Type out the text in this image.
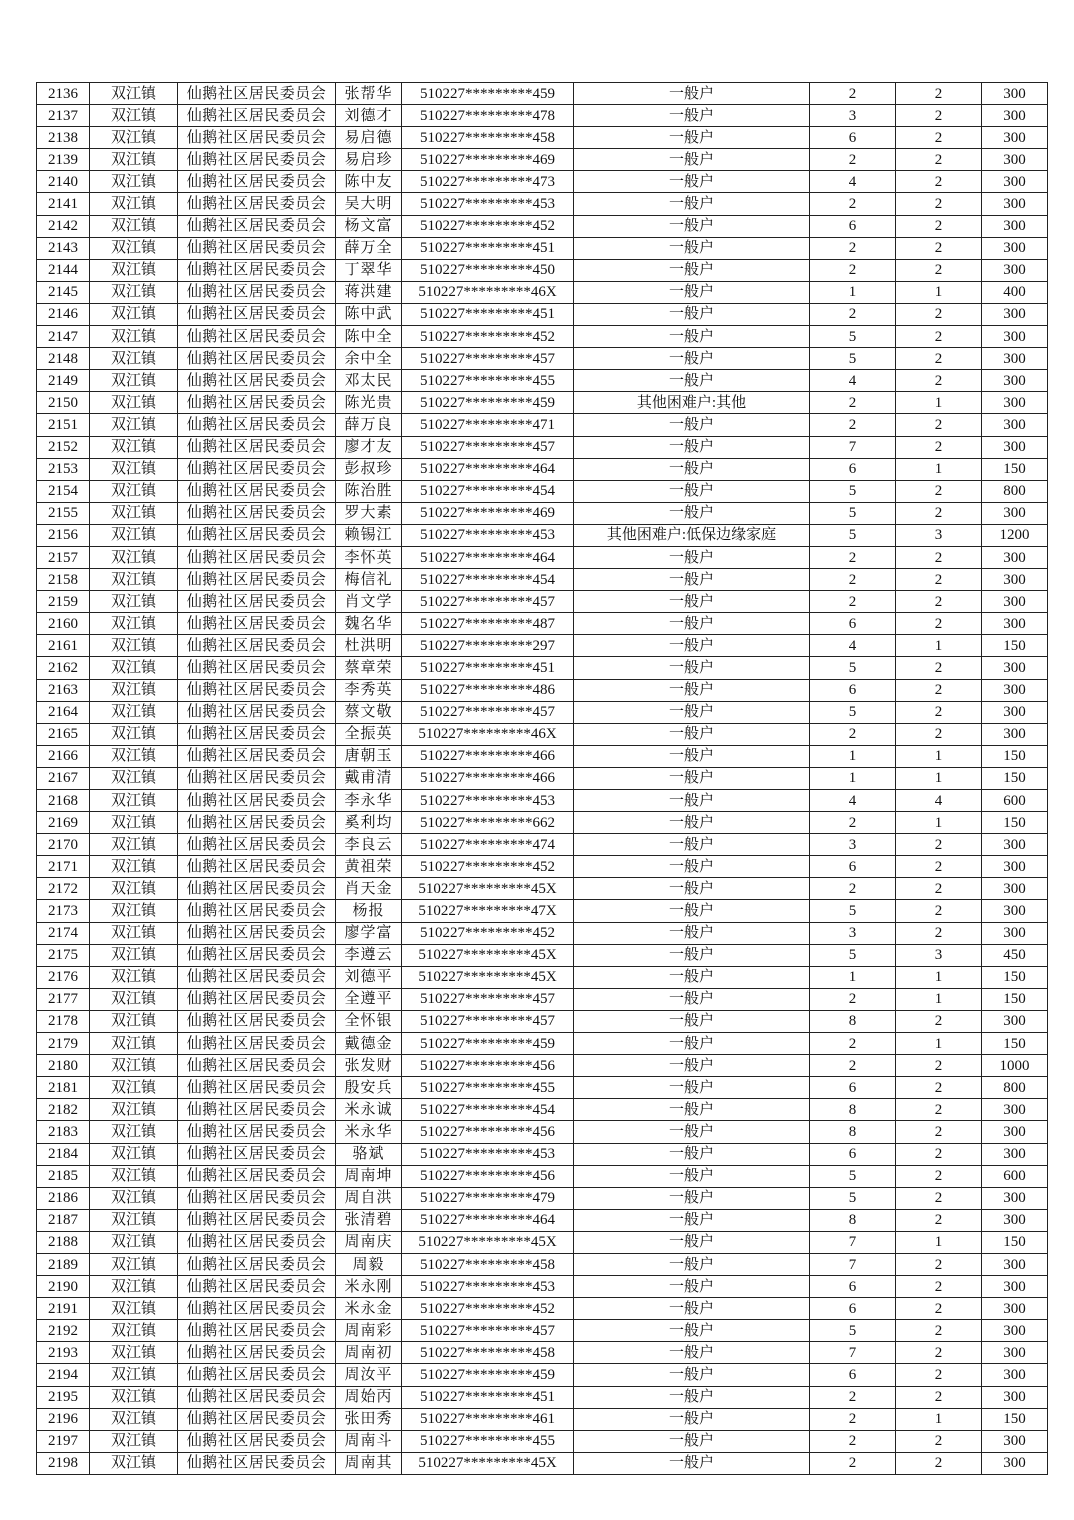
2136	双江镇	仙鹅社区居民委员会	张帮华	510227*********459	一般户	2	2	300
2137	双江镇	仙鹅社区居民委员会	刘德才	510227*********478	一般户	3	2	300
2138	双江镇	仙鹅社区居民委员会	易启德	510227*********458	一般户	6	2	300
2139	双江镇	仙鹅社区居民委员会	易启珍	510227*********469	一般户	2	2	300
2140	双江镇	仙鹅社区居民委员会	陈中友	510227*********473	一般户	4	2	300
2141	双江镇	仙鹅社区居民委员会	吴大明	510227*********453	一般户	2	2	300
2142	双江镇	仙鹅社区居民委员会	杨文富	510227*********452	一般户	6	2	300
2143	双江镇	仙鹅社区居民委员会	薛万全	510227*********451	一般户	2	2	300
2144	双江镇	仙鹅社区居民委员会	丁翠华	510227*********450	一般户	2	2	300
2145	双江镇	仙鹅社区居民委员会	蒋洪建	510227*********46X	一般户	1	1	400
2146	双江镇	仙鹅社区居民委员会	陈中武	510227*********451	一般户	2	2	300
2147	双江镇	仙鹅社区居民委员会	陈中全	510227*********452	一般户	5	2	300
2148	双江镇	仙鹅社区居民委员会	余中全	510227*********457	一般户	5	2	300
2149	双江镇	仙鹅社区居民委员会	邓太民	510227*********455	一般户	4	2	300
2150	双江镇	仙鹅社区居民委员会	陈光贵	510227*********459	其他困难户:其他	2	1	300
2151	双江镇	仙鹅社区居民委员会	薛万良	510227*********471	一般户	2	2	300
2152	双江镇	仙鹅社区居民委员会	廖才友	510227*********457	一般户	7	2	300
2153	双江镇	仙鹅社区居民委员会	彭叔珍	510227*********464	一般户	6	1	150
2154	双江镇	仙鹅社区居民委员会	陈治胜	510227*********454	一般户	5	2	800
2155	双江镇	仙鹅社区居民委员会	罗大素	510227*********469	一般户	5	2	300
2156	双江镇	仙鹅社区居民委员会	赖锡江	510227*********453	其他困难户:低保边缘家庭	5	3	1200
2157	双江镇	仙鹅社区居民委员会	李怀英	510227*********464	一般户	2	2	300
2158	双江镇	仙鹅社区居民委员会	梅信礼	510227*********454	一般户	2	2	300
2159	双江镇	仙鹅社区居民委员会	肖文学	510227*********457	一般户	2	2	300
2160	双江镇	仙鹅社区居民委员会	魏名华	510227*********487	一般户	6	2	300
2161	双江镇	仙鹅社区居民委员会	杜洪明	510227*********297	一般户	4	1	150
2162	双江镇	仙鹅社区居民委员会	蔡章荣	510227*********451	一般户	5	2	300
2163	双江镇	仙鹅社区居民委员会	李秀英	510227*********486	一般户	6	2	300
2164	双江镇	仙鹅社区居民委员会	蔡文敬	510227*********457	一般户	5	2	300
2165	双江镇	仙鹅社区居民委员会	全振英	510227*********46X	一般户	2	2	300
2166	双江镇	仙鹅社区居民委员会	唐朝玉	510227*********466	一般户	1	1	150
2167	双江镇	仙鹅社区居民委员会	戴甫清	510227*********466	一般户	1	1	150
2168	双江镇	仙鹅社区居民委员会	李永华	510227*********453	一般户	4	4	600
2169	双江镇	仙鹅社区居民委员会	奚利均	510227*********662	一般户	2	1	150
2170	双江镇	仙鹅社区居民委员会	李良云	510227*********474	一般户	3	2	300
2171	双江镇	仙鹅社区居民委员会	黄祖荣	510227*********452	一般户	6	2	300
2172	双江镇	仙鹅社区居民委员会	肖天金	510227*********45X	一般户	2	2	300
2173	双江镇	仙鹅社区居民委员会	杨报	510227*********47X	一般户	5	2	300
2174	双江镇	仙鹅社区居民委员会	廖学富	510227*********452	一般户	3	2	300
2175	双江镇	仙鹅社区居民委员会	李遵云	510227*********45X	一般户	5	3	450
2176	双江镇	仙鹅社区居民委员会	刘德平	510227*********45X	一般户	1	1	150
2177	双江镇	仙鹅社区居民委员会	全遵平	510227*********457	一般户	2	1	150
2178	双江镇	仙鹅社区居民委员会	全怀银	510227*********457	一般户	8	2	300
2179	双江镇	仙鹅社区居民委员会	戴德金	510227*********459	一般户	2	1	150
2180	双江镇	仙鹅社区居民委员会	张发财	510227*********456	一般户	2	2	1000
2181	双江镇	仙鹅社区居民委员会	殷安兵	510227*********455	一般户	6	2	800
2182	双江镇	仙鹅社区居民委员会	米永诚	510227*********454	一般户	8	2	300
2183	双江镇	仙鹅社区居民委员会	米永华	510227*********456	一般户	8	2	300
2184	双江镇	仙鹅社区居民委员会	骆斌	510227*********453	一般户	6	2	300
2185	双江镇	仙鹅社区居民委员会	周南坤	510227*********456	一般户	5	2	600
2186	双江镇	仙鹅社区居民委员会	周自洪	510227*********479	一般户	5	2	300
2187	双江镇	仙鹅社区居民委员会	张清碧	510227*********464	一般户	8	2	300
2188	双江镇	仙鹅社区居民委员会	周南庆	510227*********45X	一般户	7	1	150
2189	双江镇	仙鹅社区居民委员会	周毅	510227*********458	一般户	7	2	300
2190	双江镇	仙鹅社区居民委员会	米永刚	510227*********453	一般户	6	2	300
2191	双江镇	仙鹅社区居民委员会	米永金	510227*********452	一般户	6	2	300
2192	双江镇	仙鹅社区居民委员会	周南彩	510227*********457	一般户	5	2	300
2193	双江镇	仙鹅社区居民委员会	周南初	510227*********458	一般户	7	2	300
2194	双江镇	仙鹅社区居民委员会	周汝平	510227*********459	一般户	6	2	300
2195	双江镇	仙鹅社区居民委员会	周始丙	510227*********451	一般户	2	2	300
2196	双江镇	仙鹅社区居民委员会	张田秀	510227*********461	一般户	2	1	150
2197	双江镇	仙鹅社区居民委员会	周南斗	510227*********455	一般户	2	2	300
2198	双江镇	仙鹅社区居民委员会	周南其	510227*********45X	一般户	2	2	300
